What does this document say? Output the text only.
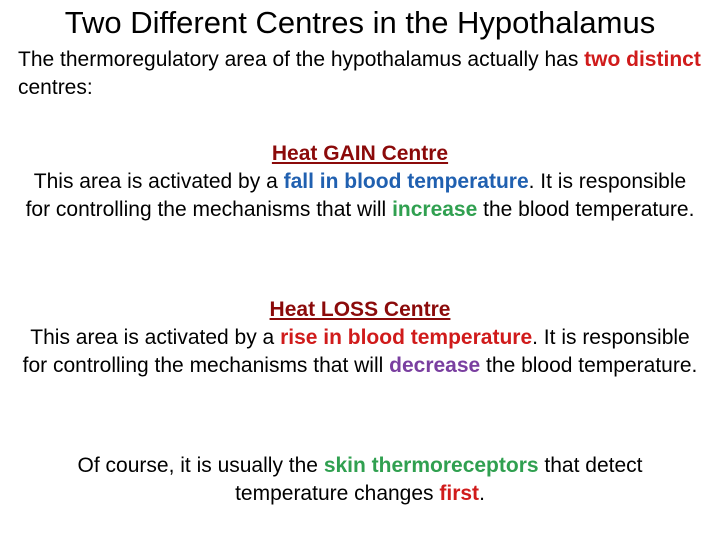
Two Different Centres in the Hypothalamus
The thermoregulatory area of the hypothalamus actually has two distinct centres:
Heat GAIN Centre
This area is activated by a fall in blood temperature. It is responsible for controlling the mechanisms that will increase the blood temperature.
Heat LOSS Centre
This area is activated by a rise in blood temperature. It is responsible for controlling the mechanisms that will decrease the blood temperature.
Of course, it is usually the skin thermoreceptors that detect temperature changes first.
